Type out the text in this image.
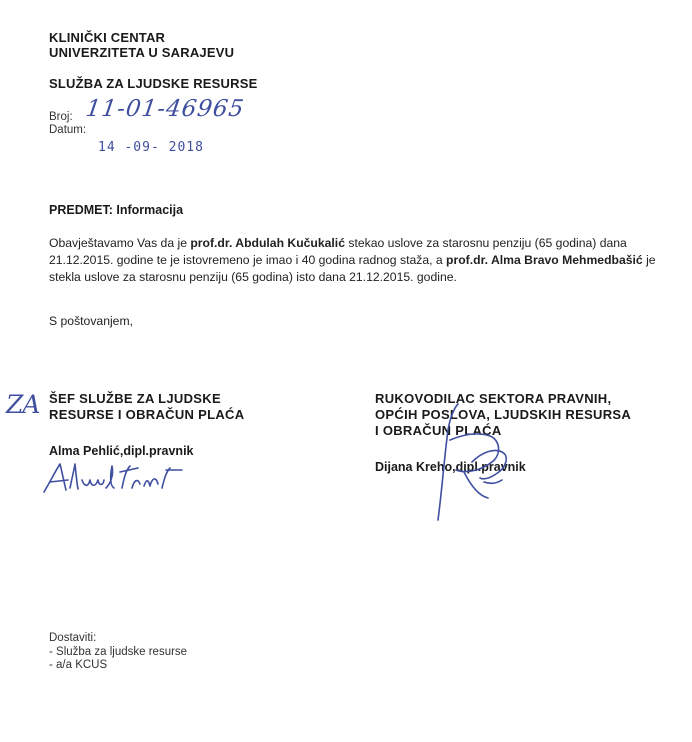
KLINIČKI CENTAR
UNIVERZITETA U SARAJEVU
SLUŽBA ZA LJUDSKE RESURSE
Broj: 11-01-46965
Datum:
14 -09- 2018
PREDMET: Informacija
Obavještavamo Vas da je prof.dr. Abdulah Kučukalić stekao uslove za starosnu penziju (65 godina) dana 21.12.2015. godine te je istovremeno je imao i 40 godina radnog staža, a prof.dr. Alma Bravo Mehmedbašić je stekla uslove za starosnu penziju (65 godina) isto dana 21.12.2015. godine.
S poštovanjem,
ZA ŠEF SLUŽBE ZA LJUDSKE
RESURSE I OBRAČUN PLAĆA
Alma Pehlić,dipl.pravnik
RUKOVODILAC SEKTORA PRAVNIH,
OPĆIH POSLOVA, LJUDSKIH RESURSA
I OBRAČUN PLAĆA
Dijana Kreho,dipl.pravnik
Dostaviti:
- Služba za ljudske resurse
- a/a KCUS
